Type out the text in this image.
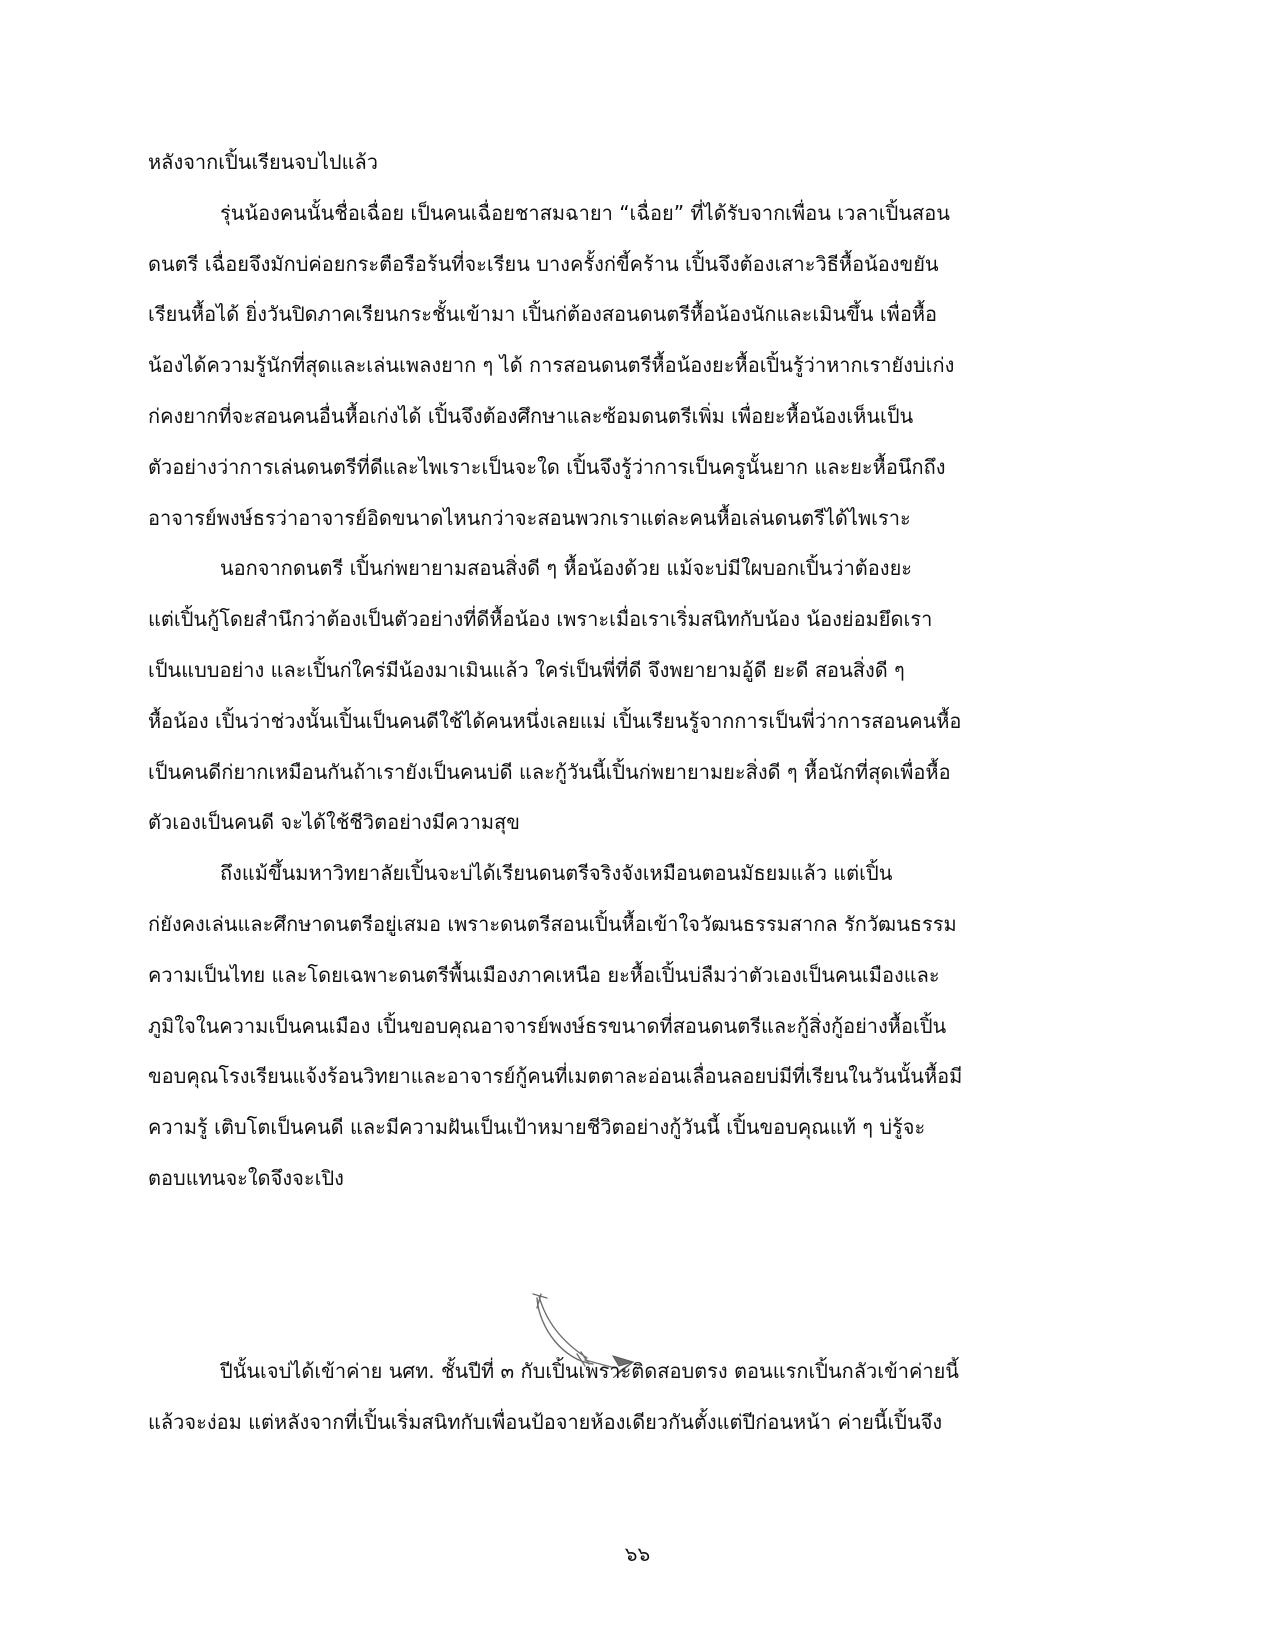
หลังจากเปิ้นเรียนจบไปแล้ว
รุ่นน้องคนนั้นชื่อเฉื่อย เป็นคนเฉื่อยชาสมฉายา “เฉื่อย” ที่ได้รับจากเพื่อน เวลาเปิ้นสอน
ดนตรี เฉื่อยจึงมักบ่ค่อยกระตือรือร้นที่จะเรียน บางครั้งก่ขี้คร้าน เปิ้นจึงต้องเสาะวิธีหื้อน้องขยัน
เรียนหื้อได้ ยิ่งวันปิดภาคเรียนกระชั้นเข้ามา เปิ้นก่ต้องสอนดนตรีหื้อน้องนักและเมินขึ้น เพื่อหื้อ
น้องได้ความรู้นักที่สุดและเล่นเพลงยาก ๆ ได้ การสอนดนตรีหื้อน้องยะหื้อเปิ้นรู้ว่าหากเรายังบ่เก่ง
ก่คงยากที่จะสอนคนอื่นหื้อเก่งได้ เปิ้นจึงต้องศึกษาและซ้อมดนตรีเพิ่ม เพื่อยะหื้อน้องเห็นเป็น
ตัวอย่างว่าการเล่นดนตรีที่ดีและไพเราะเป็นจะใด เปิ้นจึงรู้ว่าการเป็นครูนั้นยาก และยะหื้อนึกถึง
อาจารย์พงษ์ธรว่าอาจารย์อิดขนาดไหนกว่าจะสอนพวกเราแต่ละคนหื้อเล่นดนตรีได้ไพเราะ
นอกจากดนตรี เปิ้นก่พยายามสอนสิ่งดี ๆ หื้อน้องด้วย แม้จะบ่มีใผบอกเปิ้นว่าต้องยะ
แต่เปิ้นกู้โดยสำนึกว่าต้องเป็นตัวอย่างที่ดีหื้อน้อง เพราะเมื่อเราเริ่มสนิทกับน้อง น้องย่อมยึดเรา
เป็นแบบอย่าง และเปิ้นก่ใคร่มีน้องมาเมินแล้ว ใคร่เป็นพี่ที่ดี จึงพยายามอู้ดี ยะดี สอนสิ่งดี ๆ
หื้อน้อง เปิ้นว่าช่วงนั้นเปิ้นเป็นคนดีใช้ได้คนหนึ่งเลยแม่ เปิ้นเรียนรู้จากการเป็นพี่ว่าการสอนคนหื้อ
เป็นคนดีก่ยากเหมือนกันถ้าเรายังเป็นคนบ่ดี และกู้วันนี้เปิ้นก่พยายามยะสิ่งดี ๆ หื้อนักที่สุดเพื่อหื้อ
ตัวเองเป็นคนดี จะได้ใช้ชีวิตอย่างมีความสุข
ถึงแม้ขึ้นมหาวิทยาลัยเปิ้นจะบ่ได้เรียนดนตรีจริงจังเหมือนตอนมัธยมแล้ว แต่เปิ้น
ก่ยังคงเล่นและศึกษาดนตรีอยู่เสมอ เพราะดนตรีสอนเปิ้นหื้อเข้าใจวัฒนธรรมสากล รักวัฒนธรรม
ความเป็นไทย และโดยเฉพาะดนตรีพื้นเมืองภาคเหนือ ยะหื้อเปิ้นบ่ลืมว่าตัวเองเป็นคนเมืองและ
ภูมิใจในความเป็นคนเมือง เปิ้นขอบคุณอาจารย์พงษ์ธรขนาดที่สอนดนตรีและกู้สิ่งกู้อย่างหื้อเปิ้น
ขอบคุณโรงเรียนแจ้งร้อนวิทยาและอาจารย์กู้คนที่เมตตาละอ่อนเลื่อนลอยบ่มีที่เรียนในวันนั้นหื้อมี
ความรู้ เติบโตเป็นคนดี และมีความฝันเป็นเป้าหมายชีวิตอย่างกู้วันนี้ เปิ้นขอบคุณแท้ ๆ บ่รู้จะ
ตอบแทนจะใดจึงจะเปิง
ปีนั้นเจบ่ได้เข้าค่าย นศท. ชั้นปีที่ ๓ กับเปิ้นเพราะติดสอบตรง ตอนแรกเปิ้นกลัวเข้าค่ายนี้
แล้วจะง่อม แต่หลังจากที่เปิ้นเริ่มสนิทกับเพื่อนป้อจายห้องเดียวกันตั้งแต่ปีก่อนหน้า ค่ายนี้เปิ้นจึง
๖๖
